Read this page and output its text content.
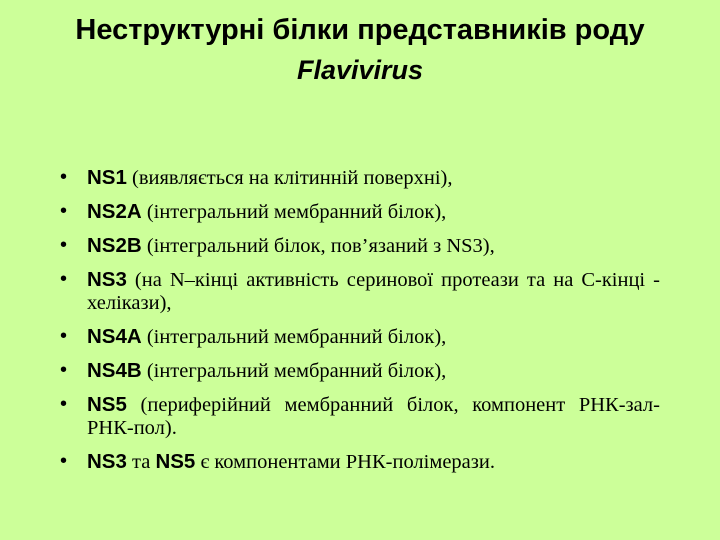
Неструктурні білки представників роду
Flavivirus
• NS1 (виявляється на клітинній поверхні),
• NS2A (інтегральний мембранний білок),
• NS2B (інтегральний білок, пов’язаний з NS3),
• NS3 (на N–кінці активність серинової протеази та на С-кінці - хелікази),
• NS4A (інтегральний мембранний білок),
• NS4B (інтегральний мембранний білок),
• NS5 (периферійний мембранний білок, компонент РНК-зал-РНК-пол).
• NS3 та NS5 є компонентами РНК-полімерази.
